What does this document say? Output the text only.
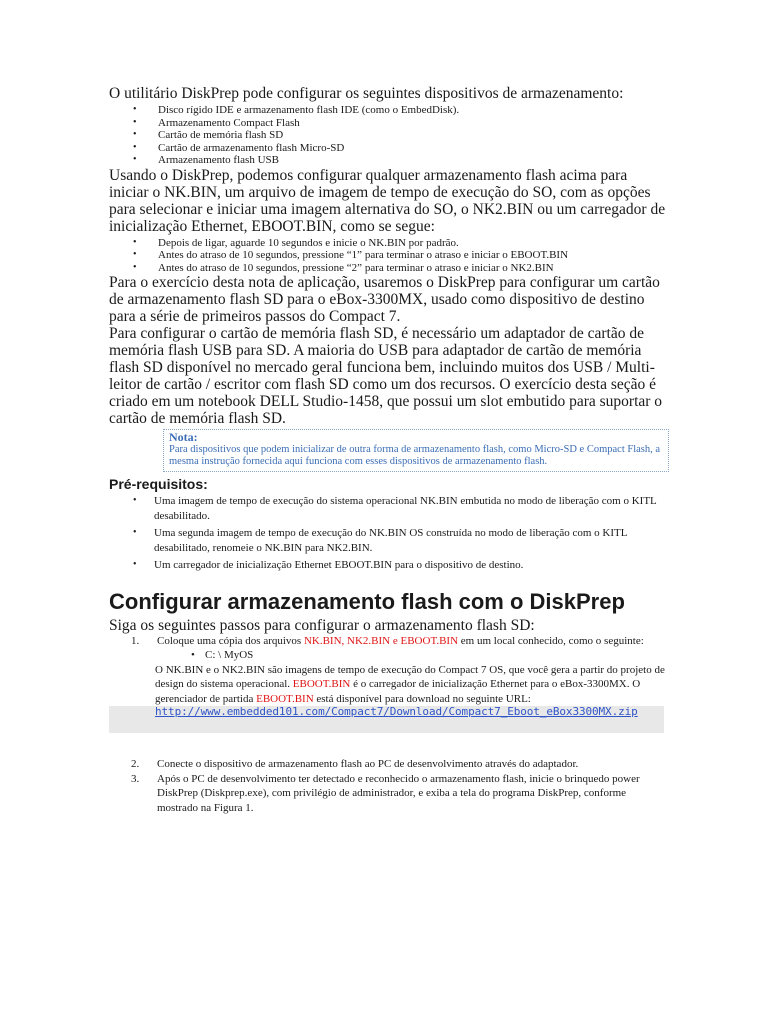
O utilitário DiskPrep pode configurar os seguintes dispositivos de armazenamento:

• Disco rígido IDE e armazenamento flash IDE (como o EmbedDisk).
• Armazenamento Compact Flash
• Cartão de memória flash SD
• Cartão de armazenamento flash Micro-SD
• Armazenamento flash USB

Usando o DiskPrep, podemos configurar qualquer armazenamento flash acima para iniciar o NK.BIN, um arquivo de imagem de tempo de execução do SO, com as opções para selecionar e iniciar uma imagem alternativa do SO, o NK2.BIN ou um carregador de inicialização Ethernet, EBOOT.BIN, como se segue:

• Depois de ligar, aguarde 10 segundos e inicie o NK.BIN por padrão.
• Antes do atraso de 10 segundos, pressione “1” para terminar o atraso e iniciar o EBOOT.BIN
• Antes do atraso de 10 segundos, pressione “2” para terminar o atraso e iniciar o NK2.BIN

Para o exercício desta nota de aplicação, usaremos o DiskPrep para configurar um cartão de armazenamento flash SD para o eBox-3300MX, usado como dispositivo de destino para a série de primeiros passos do Compact 7.

Para configurar o cartão de memória flash SD, é necessário um adaptador de cartão de memória flash USB para SD. A maioria do USB para adaptador de cartão de memória flash SD disponível no mercado geral funciona bem, incluindo muitos dos USB / Multi-leitor de cartão / escritor com flash SD como um dos recursos. O exercício desta seção é criado em um notebook DELL Studio-1458, que possui um slot embutido para suportar o cartão de memória flash SD.

Nota:
Para dispositivos que podem inicializar de outra forma de armazenamento flash, como Micro-SD e Compact Flash, a mesma instrução fornecida aqui funciona com esses dispositivos de armazenamento flash.
Pré-requisitos:
• Uma imagem de tempo de execução do sistema operacional NK.BIN embutida no modo de liberação com o KITL desabilitado.
• Uma segunda imagem de tempo de execução do NK.BIN OS construída no modo de liberação com o KITL desabilitado, renomeie o NK.BIN para NK2.BIN.
• Um carregador de inicialização Ethernet EBOOT.BIN para o dispositivo de destino.
Configurar armazenamento flash com o DiskPrep

Siga os seguintes passos para configurar o armazenamento flash SD:

1. Coloque uma cópia dos arquivos NK.BIN, NK2.BIN e EBOOT.BIN em um local conhecido, como o seguinte:
• C: \ MyOS
O NK.BIN e o NK2.BIN são imagens de tempo de execução do Compact 7 OS, que você gera a partir do projeto de design do sistema operacional. EBOOT.BIN é o carregador de inicialização Ethernet para o eBox-3300MX. O gerenciador de partida EBOOT.BIN está disponível para download no seguinte URL:
http://www.embedded101.com/Compact7/Download/Compact7_Eboot_eBox3300MX.zip
2. Conecte o dispositivo de armazenamento flash ao PC de desenvolvimento através do adaptador.
3. Após o PC de desenvolvimento ter detectado e reconhecido o armazenamento flash, inicie o brinquedo power DiskPrep (Diskprep.exe), com privilégio de administrador, e exiba a tela do programa DiskPrep, conforme mostrado na Figura 1.
